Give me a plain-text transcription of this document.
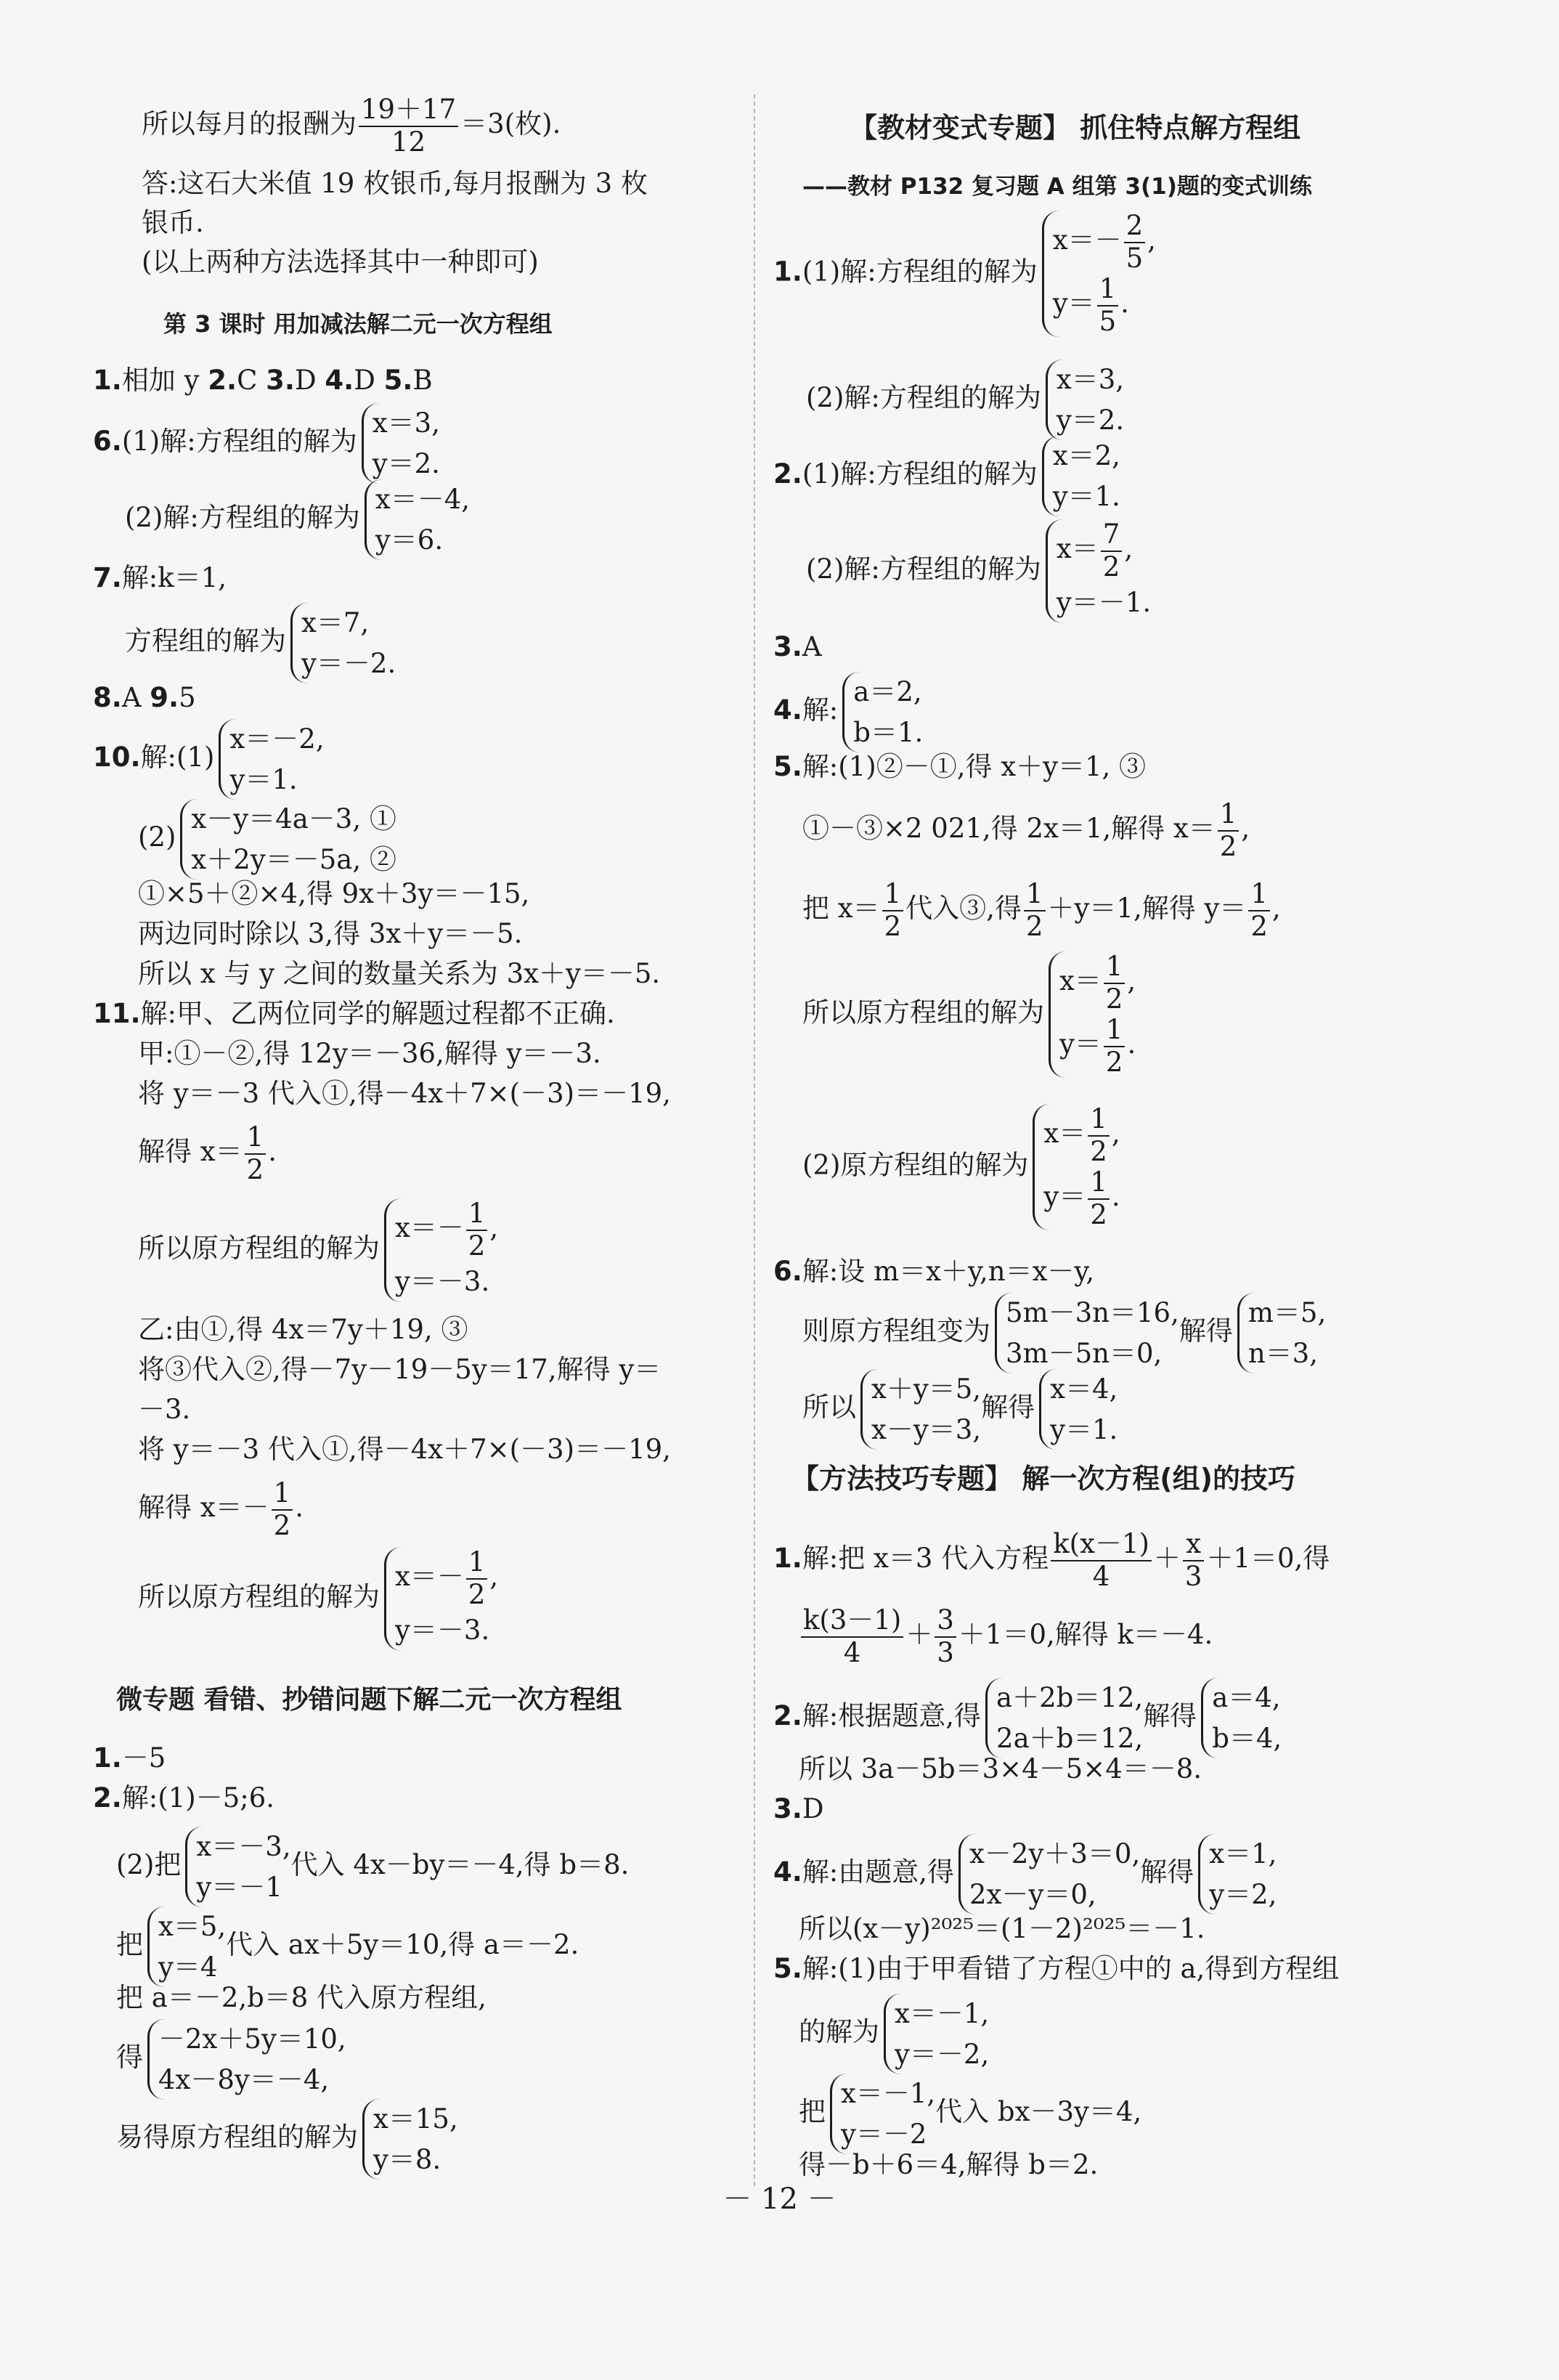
所以每月的报酬为 $\frac{19+17}{12} =3$(枚).
答:这石大米值 19 枚银币,每月报酬为 3 枚
银币.
(以上两种方法选择其中一种即可)
第 3 课时 用加减法解二元一次方程组
1.相加 y 2.C 3.D 4.D 5.B
6.(1)解:方程组的解为
x＝3,
y＝2.
(2)解:方程组的解为
x＝－4,
y＝6.
7.解:k＝1,
方程组的解为
x＝7,
y＝－2.
8.A 9.5
10.解:(1)
x＝－2,
y＝1.
(2)
x－y＝4a－3, ①
x＋2y＝－5a, ②
①×5＋②×4,得 9x＋3y＝－15,
两边同时除以 3,得 3x＋y＝－5.
所以 x 与 y 之间的数量关系为 3x＋y＝－5.
11.解:甲、乙两位同学的解题过程都不正确.
甲:①－②,得 12y＝－36,解得 y＝－3.
将 y＝－3 代入①,得－4x＋7×(－3)＝－19,
解得 $x= \frac{1}{2}$ .
所以原方程组的解为
$x=- \frac{1}{2}$ ,
y＝－3.
乙:由①,得 4x＝7y＋19, ③
将③代入②,得－7y－19－5y＝17,解得 y＝
－3.
将 y＝－3 代入①,得－4x＋7×(－3)＝－19,
解得 $x=- \frac{1}{2}$ .
所以原方程组的解为
$x=- \frac{1}{2}$ ,
y＝－3.
微专题 看错、抄错问题下解二元一次方程组
1.－5
2.解:(1)－5;6.
(2)把
x＝－3,
y＝－1
代入 4x－by＝－4,得 b＝8.
把
x＝5,
y＝4
代入 ax＋5y＝10,得 a＝－2.
把 a＝－2,b＝8 代入原方程组,
得
－2x＋5y＝10,
4x－8y＝－4,
易得原方程组的解为
x＝15,
y＝8.
【教材变式专题】 抓住特点解方程组
——教材 P132 复习题 A 组第 3(1)题的变式训练
1.(1)解:方程组的解为
$x=- \frac{2}{5}$ ,
$y= \frac{1}{5}$ .
(2)解:方程组的解为
x＝3,
y＝2.
2.(1)解:方程组的解为
x＝2,
y＝1.
(2)解:方程组的解为
$x= \frac{7}{2}$ ,
y＝－1.
3.A
4.解:
a＝2,
b＝1.
5.解:(1)②－①,得 x＋y＝1, ③
①－③×2 021,得 2x＝1,解得 $x= \frac{1}{2}$ ,
把 $x= \frac{1}{2}$ 代入③,得 $\frac{1}{2} +y=1$,解得 $y= \frac{1}{2}$ ,
所以原方程组的解为
$x= \frac{1}{2}$ ,
$y= \frac{1}{2}$ .
(2)原方程组的解为
$x= \frac{1}{2}$ ,
$y= \frac{1}{2}$ .
6.解:设 m＝x＋y,n＝x－y,
则原方程组变为
5m－3n＝16,
3m－5n＝0,
解得
m＝5,
n＝3,
所以
x＋y＝5,
x－y＝3,
解得
x＝4,
y＝1.
【方法技巧专题】 解一次方程(组)的技巧
1.解:把 x＝3 代入方程 $\frac{k(x-1)}{4} + \frac{x}{3} +1=0$,得
$\frac{k(3-1)}{4} + \frac{3}{3} +1=0$,解得 k＝－4.
2.解:根据题意,得
a＋2b＝12,
2a＋b＝12,
解得
a＝4,
b＝4,
所以 3a－5b＝3×4－5×4＝－8.
3.D
4.解:由题意,得
x－2y＋3＝0,
2x－y＝0,
解得
x＝1,
y＝2,
所以(x－y)²⁰²⁵＝(1－2)²⁰²⁵＝－1.
5.解:(1)由于甲看错了方程①中的 a,得到方程组
的解为
x＝－1,
y＝－2,
把
x＝－1,
y＝－2
代入 bx－3y＝4,
得－b＋6＝4,解得 b＝2.
－ 12 －
